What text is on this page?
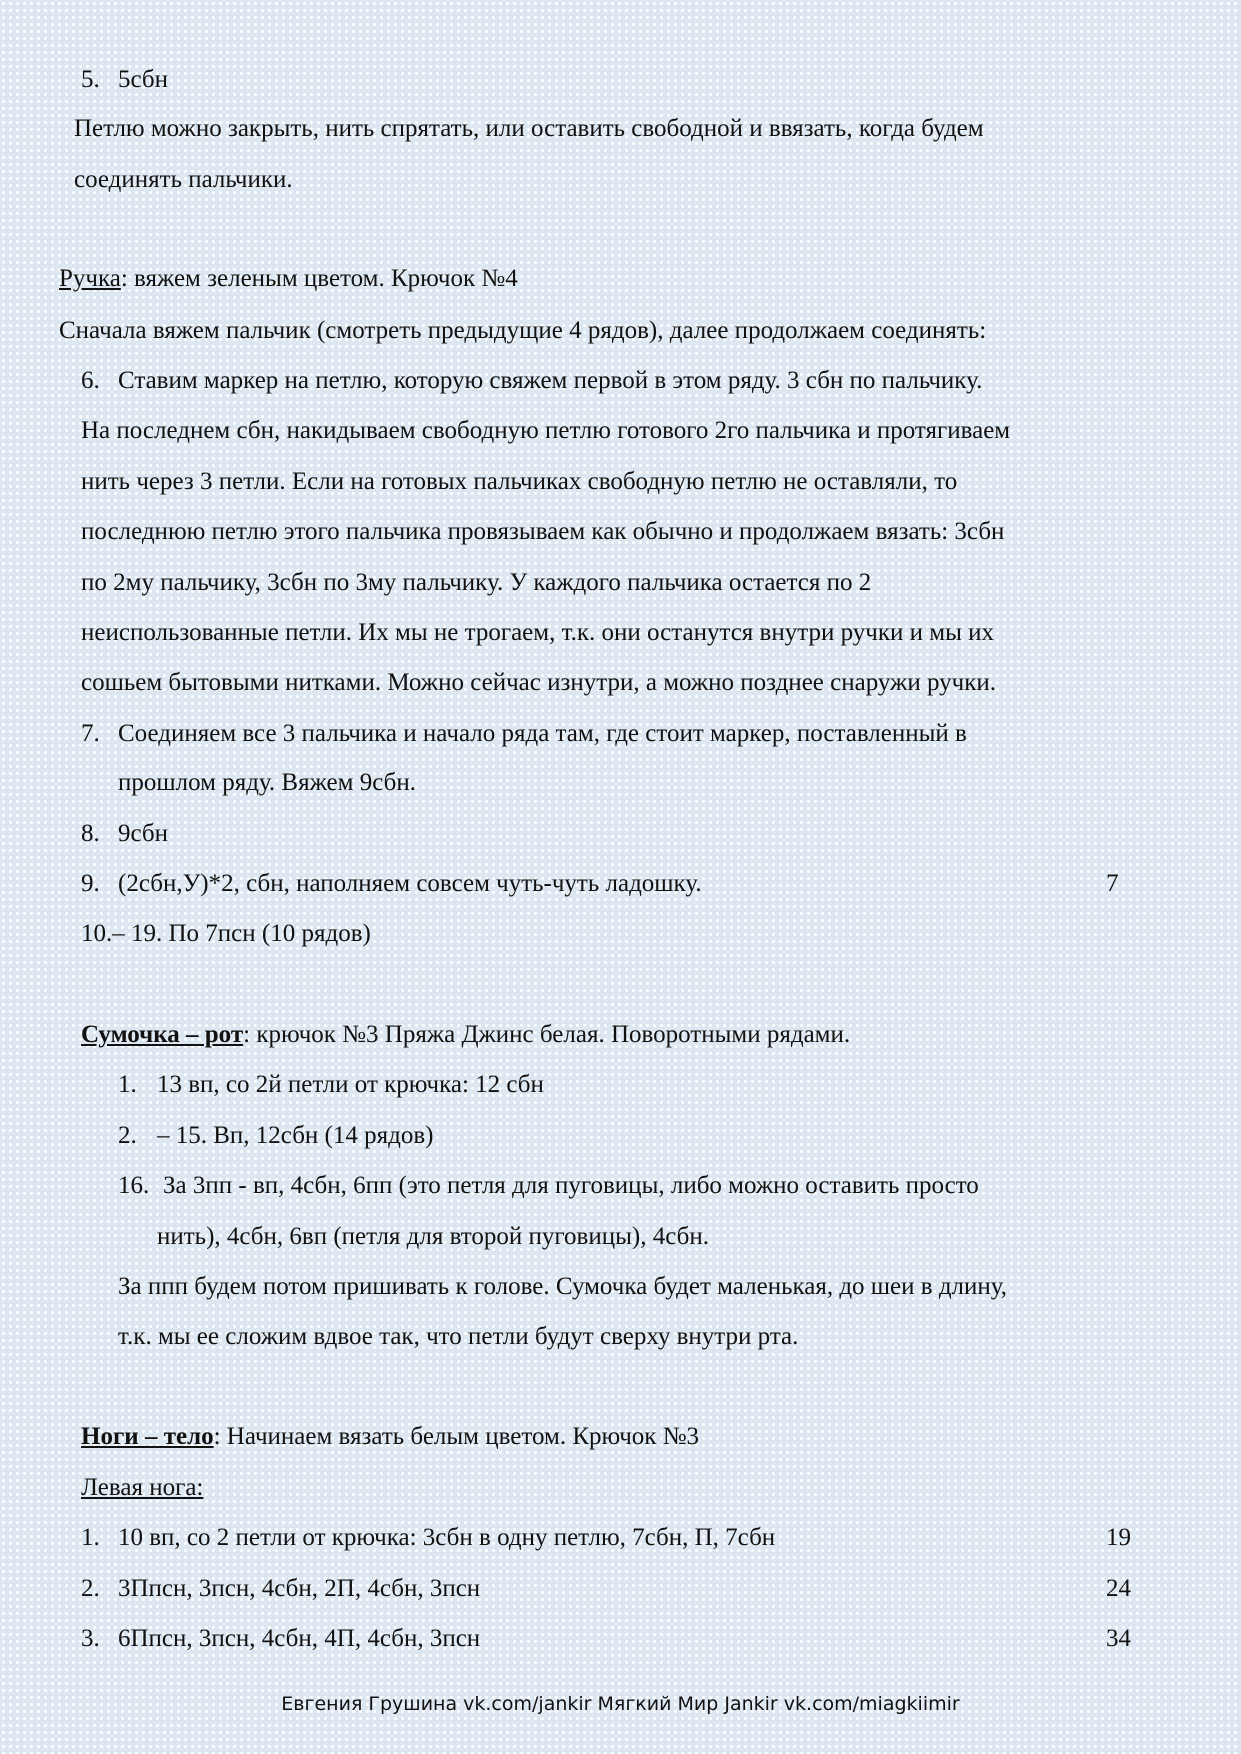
5. 5сбн
Петлю можно закрыть, нить спрятать, или оставить свободной и ввязать, когда будем
соединять пальчики.
Ручка: вяжем зеленым цветом. Крючок №4
Сначала вяжем пальчик (смотреть предыдущие 4 рядов), далее продолжаем соединять:
6. Ставим маркер на петлю, которую свяжем первой в этом ряду. 3 сбн по пальчику.
На последнем сбн, накидываем свободную петлю готового 2го пальчика и протягиваем
нить через 3 петли. Если на готовых пальчиках свободную петлю не оставляли, то
последнюю петлю этого пальчика провязываем как обычно и продолжаем вязать: 3сбн
по 2му пальчику, 3сбн по 3му пальчику. У каждого пальчика остается по 2
неиспользованные петли. Их мы не трогаем, т.к. они останутся внутри ручки и мы их
сошьем бытовыми нитками. Можно сейчас изнутри, а можно позднее снаружи ручки.
7. Соединяем все 3 пальчика и начало ряда там, где стоит маркер, поставленный в
прошлом ряду. Вяжем 9сбн.
8. 9сбн
9. (2сбн,У)*2, сбн, наполняем совсем чуть-чуть ладошку.	7
10.– 19. По 7псн (10 рядов)
Сумочка – рот: крючок №3 Пряжа Джинс белая. Поворотными рядами.
1. 13 вп, со 2й петли от крючка: 12 сбн
2. – 15. Вп, 12сбн (14 рядов)
16. За 3пп - вп, 4сбн, 6пп (это петля для пуговицы, либо можно оставить просто
нить), 4сбн, 6вп (петля для второй пуговицы), 4сбн.
За ппп будем потом пришивать к голове. Сумочка будет маленькая, до шеи в длину,
т.к. мы ее сложим вдвое так, что петли будут сверху внутри рта.
Ноги – тело: Начинаем вязать белым цветом. Крючок №3
Левая нога:
1. 10 вп, со 2 петли от крючка: 3сбн в одну петлю, 7сбн, П, 7сбн	19
2. 3Ппсн, 3псн, 4сбн, 2П, 4сбн, 3псн	24
3. 6Ппсн, 3псн, 4сбн, 4П, 4сбн, 3псн	34
Евгения Грушина vk.com/jankir Мягкий Мир Jankir vk.com/miagkiimir
